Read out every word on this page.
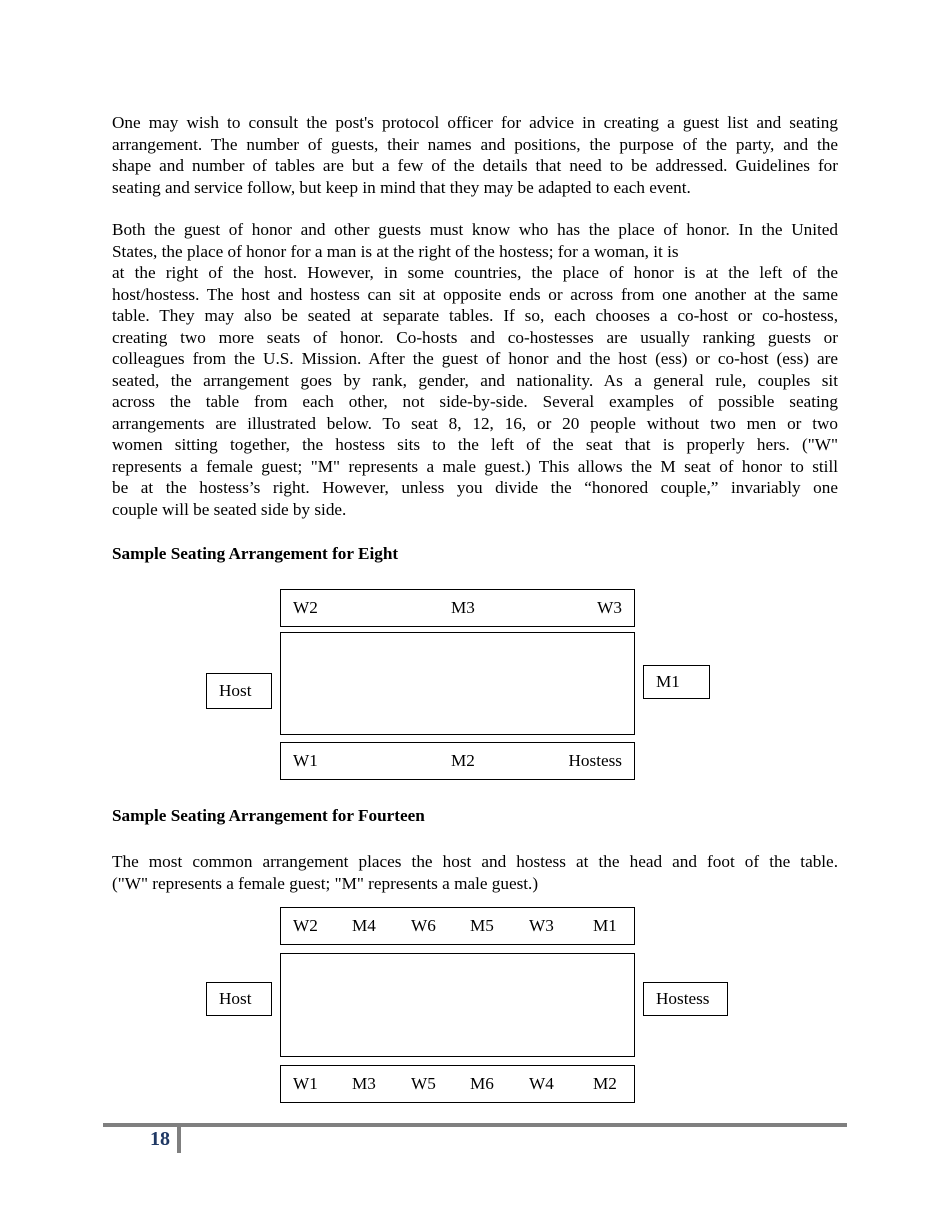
One may wish to consult the post's protocol officer for advice in creating a guest list and seating
arrangement. The number of guests, their names and positions, the purpose of the party, and the
shape and number of tables are but a few of the details that need to be addressed. Guidelines for
seating and service follow, but keep in mind that they may be adapted to each event.
Both the guest of honor and other guests must know who has the place of honor. In the United
States, the place of honor for a man is at the right of the hostess; for a woman, it is
at the right of the host. However, in some countries, the place of honor is at the left of the
host/hostess. The host and hostess can sit at opposite ends or across from one another at the same
table. They may also be seated at separate tables. If so, each chooses a co-host or co-hostess,
creating two more seats of honor. Co-hosts and co-hostesses are usually ranking guests or
colleagues from the U.S. Mission. After the guest of honor and the host (ess) or co-host (ess) are
seated, the arrangement goes by rank, gender, and nationality. As a general rule, couples sit
across the table from each other, not side-by-side. Several examples of possible seating
arrangements are illustrated below. To seat 8, 12, 16, or 20 people without two men or two
women sitting together, the hostess sits to the left of the seat that is properly hers. ("W"
represents a female guest; "M" represents a male guest.) This allows the M seat of honor to still
be at the hostess’s right. However, unless you divide the “honored couple,” invariably one
couple will be seated side by side.
Sample Seating Arrangement for Eight
W2	M3	W3
W1	M2	Hostess
Host	M1
Sample Seating Arrangement for Fourteen
The most common arrangement places the host and hostess at the head and foot of the table.
("W" represents a female guest; "M" represents a male guest.)
W2 M4 W6 M5 W3 M1
W1 M3 W5 M6 W4 M2
Host	Hostess
18
